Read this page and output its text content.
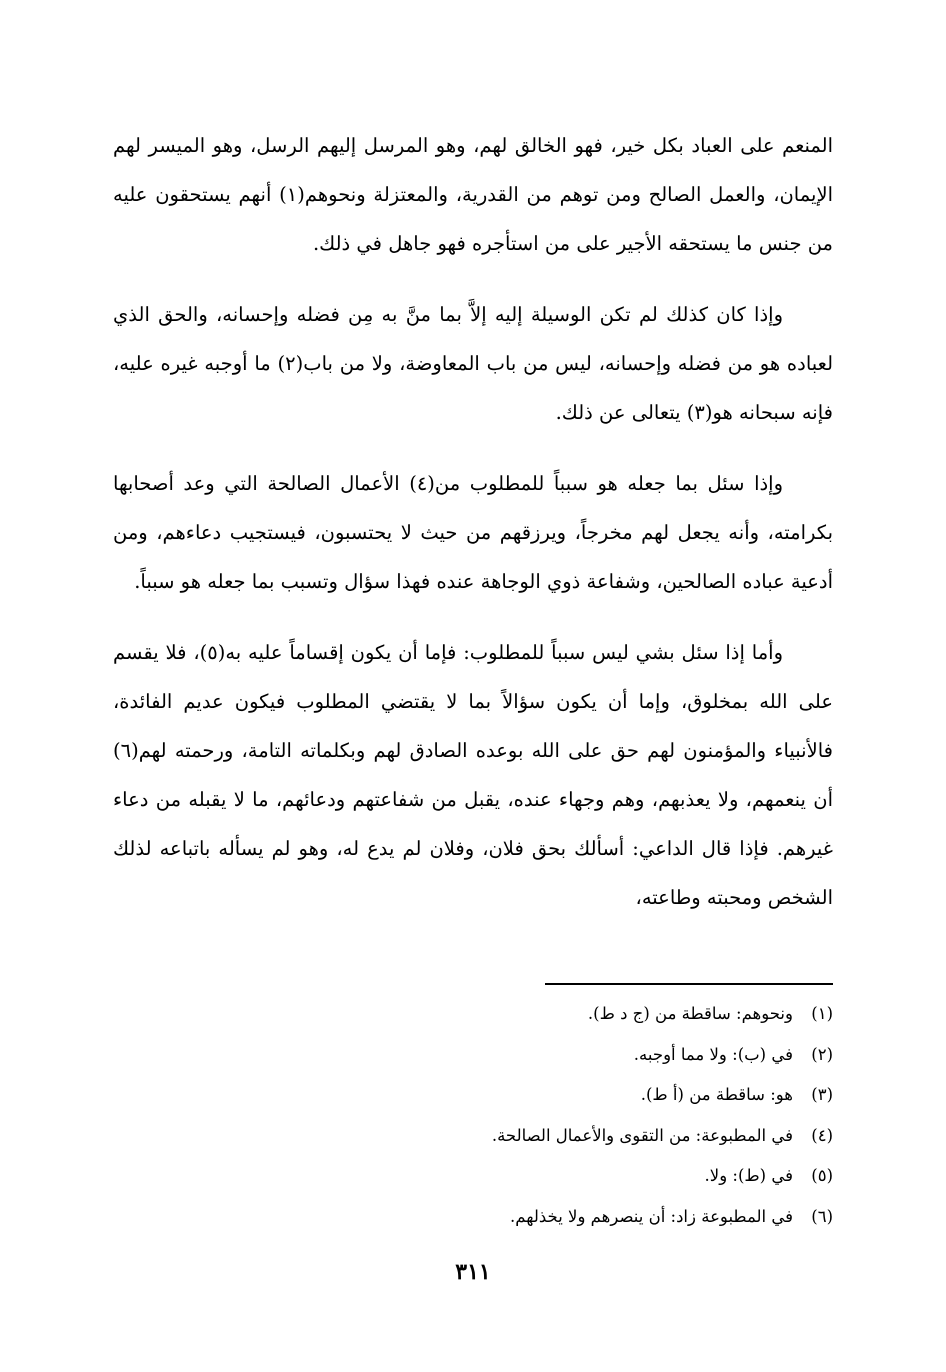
المنعم على العباد بكل خير، فهو الخالق لهم، وهو المرسل إليهم الرسل، وهو الميسر لهم الإيمان، والعمل الصالح ومن توهم من القدرية، والمعتزلة ونحوهم(١) أنهم يستحقون عليه من جنس ما يستحقه الأجير على من استأجره فهو جاهل في ذلك.

وإذا كان كذلك لم تكن الوسيلة إليه إلاَّ بما منَّ به مِن فضله وإحسانه، والحق الذي لعباده هو من فضله وإحسانه، ليس من باب المعاوضة، ولا من باب(٢) ما أوجبه غيره عليه، فإنه سبحانه هو(٣) يتعالى عن ذلك.

وإذا سئل بما جعله هو سبباً للمطلوب من(٤) الأعمال الصالحة التي وعد أصحابها بكرامته، وأنه يجعل لهم مخرجاً، ويرزقهم من حيث لا يحتسبون، فيستجيب دعاءهم، ومن أدعية عباده الصالحين، وشفاعة ذوي الوجاهة عنده فهذا سؤال وتسبب بما جعله هو سبباً.

وأما إذا سئل بشي ليس سبباً للمطلوب: فإما أن يكون إقساماً عليه به(٥)، فلا يقسم على الله بمخلوق، وإما أن يكون سؤالاً بما لا يقتضي المطلوب فيكون عديم الفائدة، فالأنبياء والمؤمنون لهم حق على الله بوعده الصادق لهم وبكلماته التامة، ورحمته لهم(٦) أن ينعمهم، ولا يعذبهم، وهم وجهاء عنده، يقبل من شفاعتهم ودعائهم، ما لا يقبله من دعاء غيرهم. فإذا قال الداعي: أسألك بحق فلان، وفلان لم يدع له، وهو لم يسأله باتباعه لذلك الشخص ومحبته وطاعته،

(١)
ونحوهم: ساقطة من (ج د ط).
(٢)
في (ب): ولا مما أوجبه.
(٣)
هو: ساقطة من (أ ط).
(٤)
في المطبوعة: من التقوى والأعمال الصالحة.
(٥)
في (ط): ولا.
(٦)
في المطبوعة زاد: أن ينصرهم ولا يخذلهم.
٣١١
